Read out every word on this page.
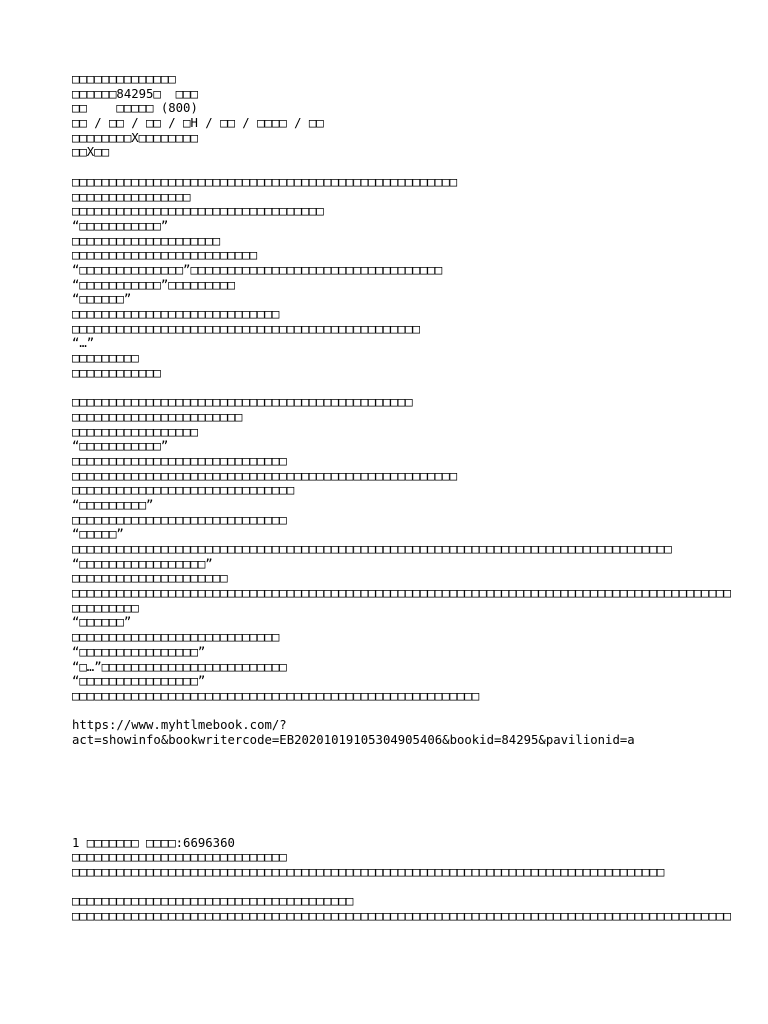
□□□□□□□□□□□□□□
□□□□□□84295□  □□□
□□    □□□□□ (800)
□□ / □□ / □□ / □H / □□ / □□□□ / □□
□□□□□□□□X□□□□□□□□
□□X□□
□□□□□□□□□□□□□□□□□□□□□□□□□□□□□□□□□□□□□□□□□□□□□□□□□□□□
□□□□□□□□□□□□□□□□
□□□□□□□□□□□□□□□□□□□□□□□□□□□□□□□□□□
“□□□□□□□□□□□”
□□□□□□□□□□□□□□□□□□□□
□□□□□□□□□□□□□□□□□□□□□□□□□
“□□□□□□□□□□□□□□”□□□□□□□□□□□□□□□□□□□□□□□□□□□□□□□□□□
“□□□□□□□□□□□”□□□□□□□□□
“□□□□□□”
□□□□□□□□□□□□□□□□□□□□□□□□□□□□
□□□□□□□□□□□□□□□□□□□□□□□□□□□□□□□□□□□□□□□□□□□□□□□
“…”
□□□□□□□□□
□□□□□□□□□□□□
□□□□□□□□□□□□□□□□□□□□□□□□□□□□□□□□□□□□□□□□□□□□□□
□□□□□□□□□□□□□□□□□□□□□□□
□□□□□□□□□□□□□□□□□
“□□□□□□□□□□□”
□□□□□□□□□□□□□□□□□□□□□□□□□□□□□
□□□□□□□□□□□□□□□□□□□□□□□□□□□□□□□□□□□□□□□□□□□□□□□□□□□□
□□□□□□□□□□□□□□□□□□□□□□□□□□□□□□
“□□□□□□□□□”
□□□□□□□□□□□□□□□□□□□□□□□□□□□□□
“□□□□□”
□□□□□□□□□□□□□□□□□□□□□□□□□□□□□□□□□□□□□□□□□□□□□□□□□□□□□□□□□□□□□□□□□□□□□□□□□□□□□□□□□
“□□□□□□□□□□□□□□□□□”
□□□□□□□□□□□□□□□□□□□□□
□□□□□□□□□□□□□□□□□□□□□□□□□□□□□□□□□□□□□□□□□□□□□□□□□□□□□□□□□□□□□□□□□□□□□□□□□□□□□□□□□□□□□□□□□
□□□□□□□□□
“□□□□□□”
□□□□□□□□□□□□□□□□□□□□□□□□□□□□
“□□□□□□□□□□□□□□□□”
“□…”□□□□□□□□□□□□□□□□□□□□□□□□□
“□□□□□□□□□□□□□□□□”
□□□□□□□□□□□□□□□□□□□□□□□□□□□□□□□□□□□□□□□□□□□□□□□□□□□□□□□
https://www.myhtlmebook.com/?
act=showinfo&bookwritercode=EB20201019105304905406&bookid=84295&pavilionid=a
1 □□□□□□□ □□□□:6696360
□□□□□□□□□□□□□□□□□□□□□□□□□□□□□
□□□□□□□□□□□□□□□□□□□□□□□□□□□□□□□□□□□□□□□□□□□□□□□□□□□□□□□□□□□□□□□□□□□□□□□□□□□□□□□□
□□□□□□□□□□□□□□□□□□□□□□□□□□□□□□□□□□□□□□
□□□□□□□□□□□□□□□□□□□□□□□□□□□□□□□□□□□□□□□□□□□□□□□□□□□□□□□□□□□□□□□□□□□□□□□□□□□□□□□□□□□□□□□□□
